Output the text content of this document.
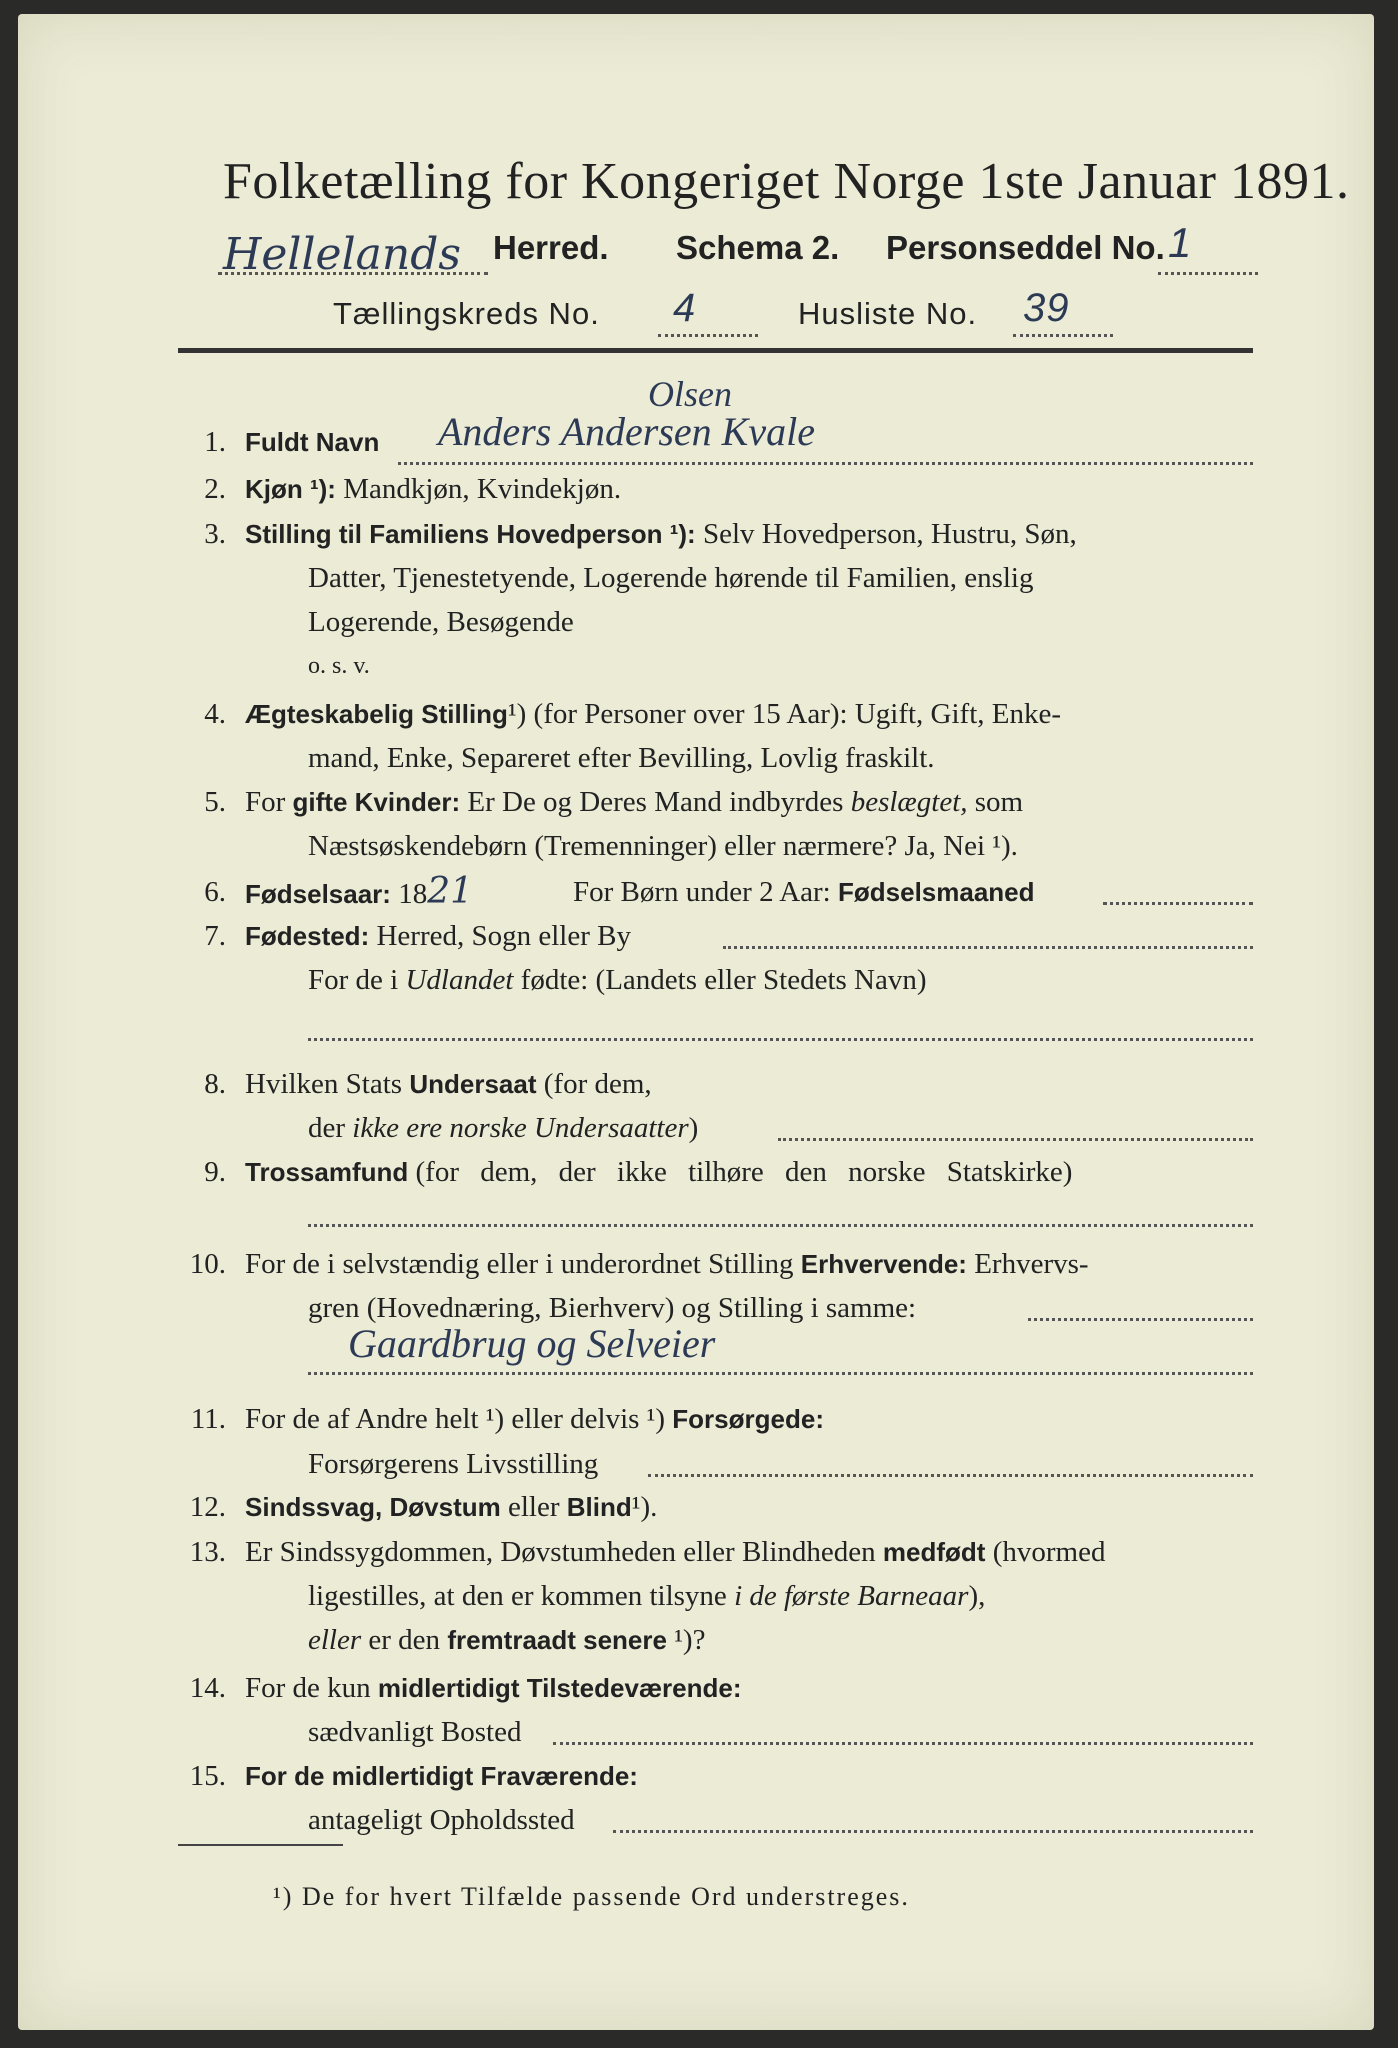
Folketælling for Kongeriget Norge 1ste Januar 1891.
Hellelands Herred. Schema 2. Personseddel No. 1
Tællingskreds No. 4	Husliste No. 39
1. Fuldt Navn
Olsen
Anders Andersen Kvale
2. Kjøn ¹): Mandkjøn, Kvindekjøn.
3. Stilling til Familiens Hovedperson ¹): Selv Hovedperson, Hustru, Søn,
Datter, Tjenestetyende, Logerende hørende til Familien, enslig
Logerende, Besøgende
o. s. v.
4. Ægteskabelig Stilling¹) (for Personer over 15 Aar): Ugift, Gift, Enke-
mand, Enke, Separeret efter Bevilling, Lovlig fraskilt.
5. For gifte Kvinder: Er De og Deres Mand indbyrdes beslægtet, som
Næstsøskendebørn (Tremenninger) eller nærmere? Ja, Nei ¹).
6. Fødselsaar: 1821	For Børn under 2 Aar: Fødselsmaaned
7. Fødested: Herred, Sogn eller By
For de i Udlandet fødte: (Landets eller Stedets Navn)
8. Hvilken Stats Undersaat (for dem,
der ikke ere norske Undersaatter)
9. Trossamfund (for dem, der ikke tilhøre den norske Statskirke)
10. For de i selvstændig eller i underordnet Stilling Erhvervende: Erhvervs-
gren (Hovednæring, Bierhverv) og Stilling i samme:
Gaardbrug og Selveier
11. For de af Andre helt ¹) eller delvis ¹) Forsørgede:
Forsørgerens Livsstilling
12. Sindssvag, Døvstum eller Blind¹).
13. Er Sindssygdommen, Døvstumheden eller Blindheden medfødt (hvormed
ligestilles, at den er kommen tilsyne i de første Barneaar),
eller er den fremtraadt senere ¹)?
14. For de kun midlertidigt Tilstedeværende:
sædvanligt Bosted
15. For de midlertidigt Fraværende:
antageligt Opholdssted
¹) De for hvert Tilfælde passende Ord understreges.
